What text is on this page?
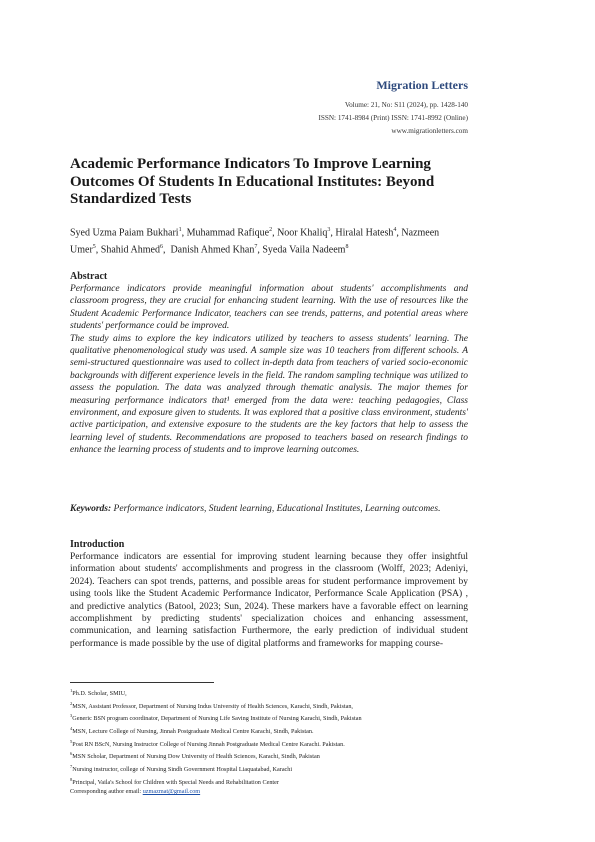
Migration Letters
Volume: 21, No: S11 (2024), pp. 1428-140
ISSN: 1741-8984 (Print) ISSN: 1741-8992 (Online)
www.migrationletters.com
Academic Performance Indicators To Improve Learning Outcomes Of Students In Educational Institutes: Beyond Standardized Tests
Syed Uzma Paiam Bukhari$^1$, Muhammad Rafique$^2$, Noor Khaliq$^3$, Hiralal Hatesh$^4$, Nazmeen Umer$^5$, Shahid Ahmed$^6$,  Danish Ahmed Khan$^7$, Syeda Vaila Nadeem$^8$
Abstract

Performance indicators provide meaningful information about students' accomplishments and classroom progress, they are crucial for enhancing student learning. With the use of resources like the Student Academic Performance Indicator, teachers can see trends, patterns, and potential areas where students' performance could be improved.

The study aims to explore the key indicators utilized by teachers to assess students' learning. The qualitative phenomenological study was used. A sample size was 10 teachers from different schools. A semi-structured questionnaire was used to collect in-depth data from teachers of varied socio-economic backgrounds with different experience levels in the field. The random sampling technique was utilized to assess the population. The data was analyzed through thematic analysis. The major themes for measuring performance indicators that¹ emerged from the data were: teaching pedagogies, Class environment, and exposure given to students. It was explored that a positive class environment, students' active participation, and extensive exposure to the students are the key factors that help to assess the learning level of students. Recommendations are proposed to teachers based on research findings to enhance the learning process of students and to improve learning outcomes.

Keywords: Performance indicators, Student learning, Educational Institutes, Learning outcomes.
Introduction

Performance indicators are essential for improving student learning because they offer insightful information about students' accomplishments and progress in the classroom (Wolff, 2023; Adeniyi, 2024). Teachers can spot trends, patterns, and possible areas for student performance improvement by using tools like the Student Academic Performance Indicator, Performance Scale Application (PSA) , and predictive analytics (Batool, 2023; Sun, 2024). These markers have a favorable effect on learning accomplishment by predicting students' specialization choices and enhancing assessment, communication, and learning satisfaction Furthermore, the early prediction of individual student performance is made possible by the use of digital platforms and frameworks for mapping course-

$^1$Ph.D. Scholar, SMIU,
$^2$MSN, Assistant Professor, Department of Nursing Indus University of Health Sciences, Karachi, Sindh, Pakistan,
$^3$Generic BSN program coordinator, Department of Nursing Life Saving Institute of Nursing Karachi, Sindh, Pakistan
$^4$MSN, Lecture College of Nursing, Jinnah Postgraduate Medical Centre Karachi, Sindh, Pakistan.
$^5$Post RN BScN, Nursing Instructor College of Nursing Jinnah Postgraduate Medical Centre Karachi. Pakistan.
$^6$MSN Scholar, Department of Nursing Dow University of Health Sciences, Karachi, Sindh, Pakistan
$^7$Nursing instructor, college of Nursing Sindh Government Hospital Liaquatabad, Karachi
$^8$Principal, Vaila's School for Children with Special Needs and Rehabilitation Center
Corresponding author email: uzmazmat@gmail.com
